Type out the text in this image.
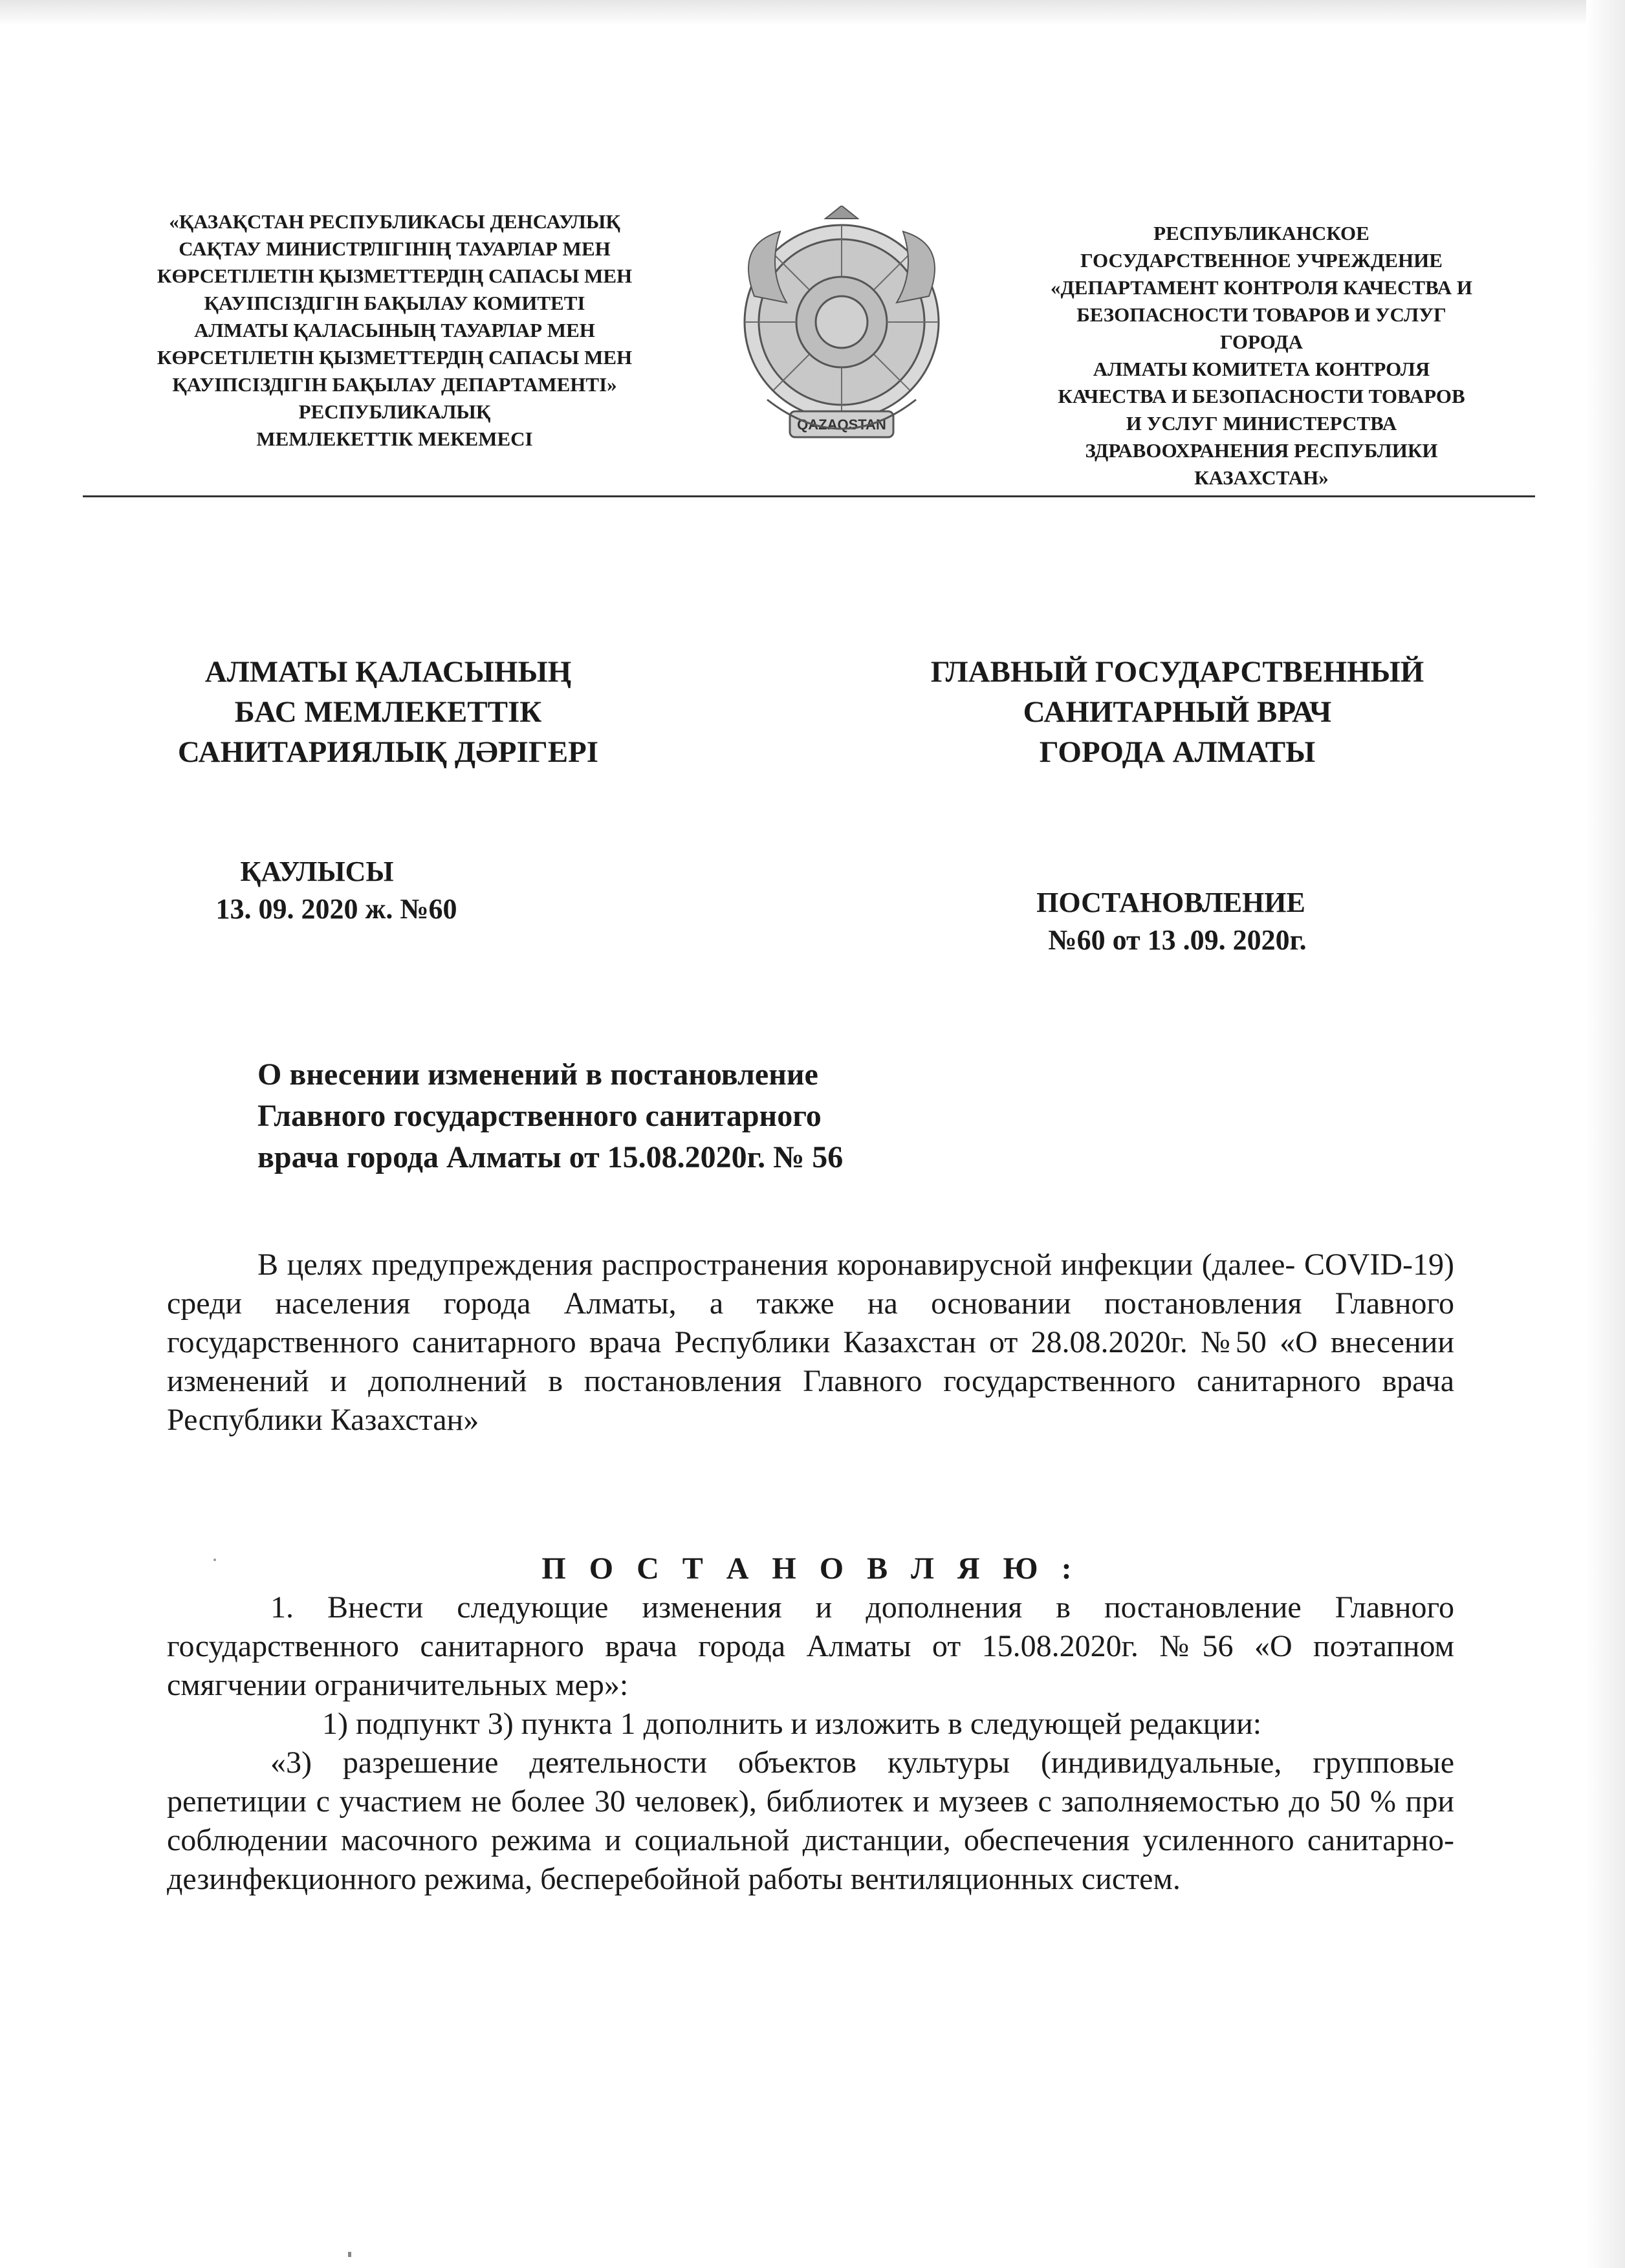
«ҚАЗАҚСТАН РЕСПУБЛИКАСЫ ДЕНСАУЛЫҚ
САҚТАУ МИНИСТРЛІГІНІҢ ТАУАРЛАР МЕН
КӨРСЕТІЛЕТІН ҚЫЗМЕТТЕРДІҢ САПАСЫ МЕН
ҚАУІПСІЗДІГІН БАҚЫЛАУ КОМИТЕТІ
АЛМАТЫ ҚАЛАСЫНЫҢ ТАУАРЛАР МЕН
КӨРСЕТІЛЕТІН ҚЫЗМЕТТЕРДІҢ САПАСЫ МЕН
ҚАУІПСІЗДІГІН БАҚЫЛАУ ДЕПАРТАМЕНТІ»
РЕСПУБЛИКАЛЫҚ
МЕМЛЕКЕТТІК МЕКЕМЕСІ
QAZAQSTAN
РЕСПУБЛИКАНСКОЕ
ГОСУДАРСТВЕННОЕ УЧРЕЖДЕНИЕ
«ДЕПАРТАМЕНТ КОНТРОЛЯ КАЧЕСТВА И
БЕЗОПАСНОСТИ ТОВАРОВ И УСЛУГ
ГОРОДА
АЛМАТЫ КОМИТЕТА КОНТРОЛЯ
КАЧЕСТВА И БЕЗОПАСНОСТИ ТОВАРОВ
И УСЛУГ МИНИСТЕРСТВА
ЗДРАВООХРАНЕНИЯ РЕСПУБЛИКИ
КАЗАХСТАН»
АЛМАТЫ ҚАЛАСЫНЫҢ
БАС МЕМЛЕКЕТТІК
САНИТАРИЯЛЫҚ ДӘРІГЕРІ
ГЛАВНЫЙ ГОСУДАРСТВЕННЫЙ
САНИТАРНЫЙ ВРАЧ
ГОРОДА АЛМАТЫ
ҚАУЛЫСЫ
13. 09. 2020 ж. №60	ПОСТАНОВЛЕНИЕ
№60 от 13 .09. 2020г.
О внесении изменений в постановление
Главного государственного санитарного
врача города Алматы от 15.08.2020г. № 56
В целях предупреждения распространения коронавирусной инфекции (далее- COVID-19) среди населения города Алматы, а также на основании постановления Главного государственного санитарного врача Республики Казахстан от 28.08.2020г. №50 «О внесении изменений и дополнений в постановления Главного государственного санитарного врача Республики Казахстан»
П О С Т А Н О В Л Я Ю :
1. Внести следующие изменения и дополнения в постановление Главного государственного санитарного врача города Алматы от 15.08.2020г. №56 «О поэтапном смягчении ограничительных мер»:
1) подпункт 3) пункта 1 дополнить и изложить в следующей редакции:
«3) разрешение деятельности объектов культуры (индивидуальные, групповые репетиции с участием не более 30 человек), библиотек и музеев с заполняемостью до 50 % при соблюдении масочного режима и социальной дистанции, обеспечения усиленного санитарно-дезинфекционного режима, бесперебойной работы вентиляционных систем.
